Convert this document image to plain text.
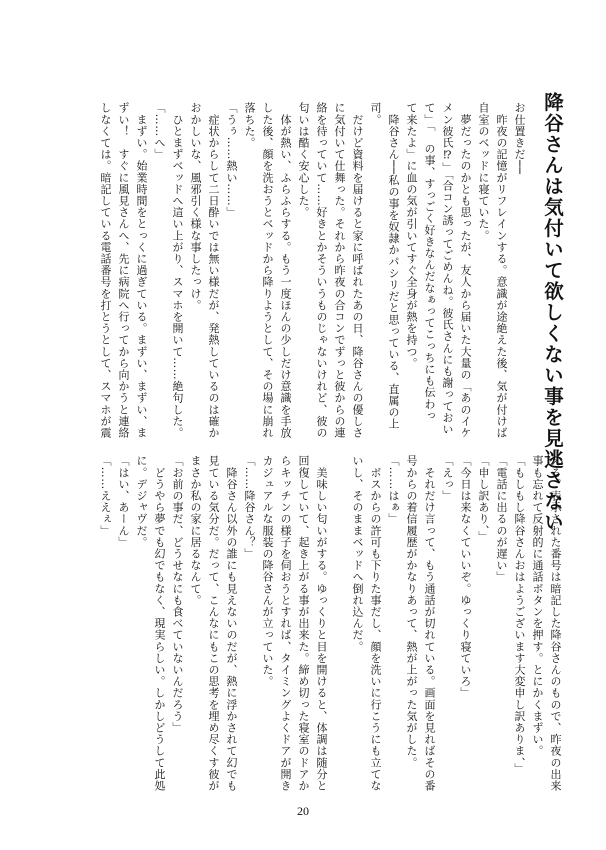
降谷さんは気付いて欲しくない事を見逃さない

お仕置きだ──

　昨夜の記憶がリフレインする。意識が途絶えた後、気が付けば

自室のベッドに寝ていた。

　夢だったのかとも思ったが、友人から届いた大量の「あのイケ

メン彼氏⁉」「合コン誘ってごめんね。彼氏さんにも謝っておい

て」「　の事、すっごく好きなんだなぁってこっちにも伝わっ

て来たよ」に血の気が引いてすぐ全身が熱を持つ。

　降谷さん──私の事を奴隷かパシリだと思っている、直属の上

司。

　だけど資料を届けると家に呼ばれたあの日、降谷さんの優しさ

に気付いて仕舞った。それから昨夜の合コンでずっと彼からの連

絡を待っていて……好きとかそういうものじゃないけれど、彼の

匂いは酷く安心した。

　体が熱い、ふらふらする。もう一度ほんの少しだけ意識を手放

した後、顔を洗おうとベッドから降りようとして、その場に崩れ

落ちた。

「うぅ……熱い……」

　症状からして二日酔いでは無い様だが、発熱しているのは確か

おかしいな、風邪引く様な事したっけ。

　ひとまずベッドへ這い上がり、スマホを開いて……絶句した。

「……へ」

　まずい。始業時間をとっくに過ぎている。まずい、まずい、ま

ずい！　すぐに風見さんへ、先に病院へ行ってから向かうと連絡

しなくては。暗記している電話番号を打とうとして、スマホが震

える。表示された番号は暗記した降谷さんのもので、昨夜の出来

事も忘れて反射的に通話ボタンを押す。とにかくまずい。

「もしもし降谷さんおはようございます大変申し訳ありま、」

「電話に出るのが遅い」

「申し訳あり、」

「今日は来なくていいぞ。ゆっくり寝ていろ」

「えっ」

　それだけ言って、もう通話が切れている。画面を見ればその番

号からの着信履歴がかなりあって、熱が上がった気がした。

「……はぁ」

　ボスからの許可も下りた事だし、顔を洗いに行こうにも立てな

いし、そのままベッドへ倒れ込んだ。

　美味しい匂いがする。ゆっくりと目を開けると、体調は随分と

回復していて、起き上がる事が出来た。締め切った寝室のドアか

らキッチンの様子を伺おうとすれば、タイミングよくドアが開き

カジュアルな服装の降谷さんが立っていた。

「……降谷さん？」

　降谷さん以外の誰にも見えないのだが、熱に浮かされて幻でも

見ている気分だ。だって、こんなにもこの思考を埋め尽くす彼が

まさか私の家に居るなんて。

「お前の事だ、どうせなにも食べていないんだろう」

　どうやら夢でも幻でもなく、現実らしい。しかしどうして此処

に。デジャヴだ。

「はい、あーん」

「……ええぇ」

20
